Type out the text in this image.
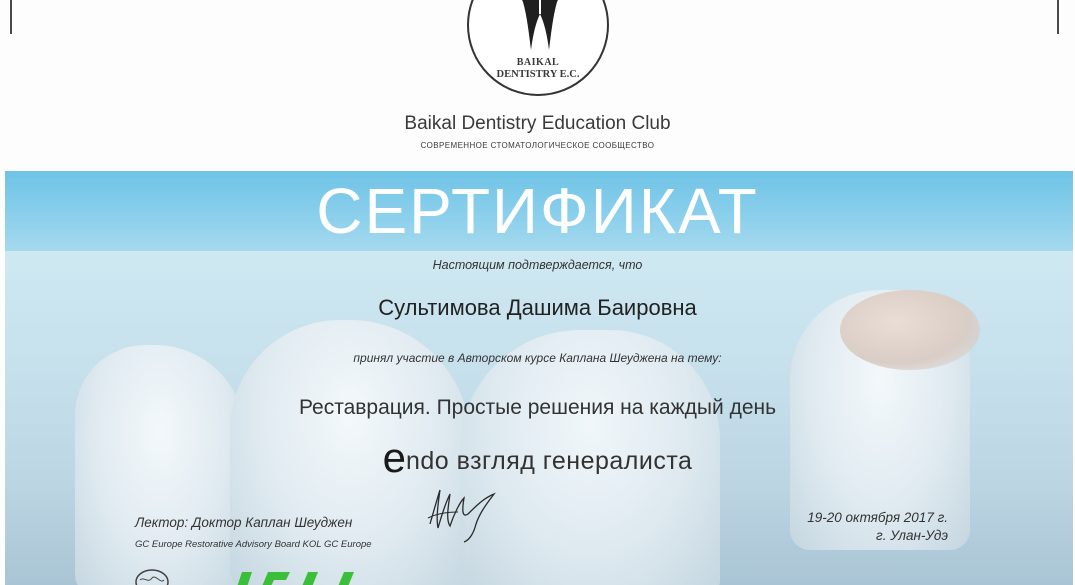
BAIKAL
DENTISTRY E.C.
Baikal Dentistry Education Club
СОВРЕМЕННОЕ СТОМАТОЛОГИЧЕСКОЕ СООБЩЕСТВО
СЕРТИФИКАТ
Настоящим подтверждается, что
Сультимова Дашима Баировна
принял участие в Авторском курсе Каплана Шеуджена на тему:
Реставрация. Простые решения на каждый день
endo взгляд генералиста
Лектор: Доктор Каплан Шеуджен
GC Europe Restorative Advisory Board KOL GC Europe
19-20 октября 2017 г.
г. Улан-Удэ
